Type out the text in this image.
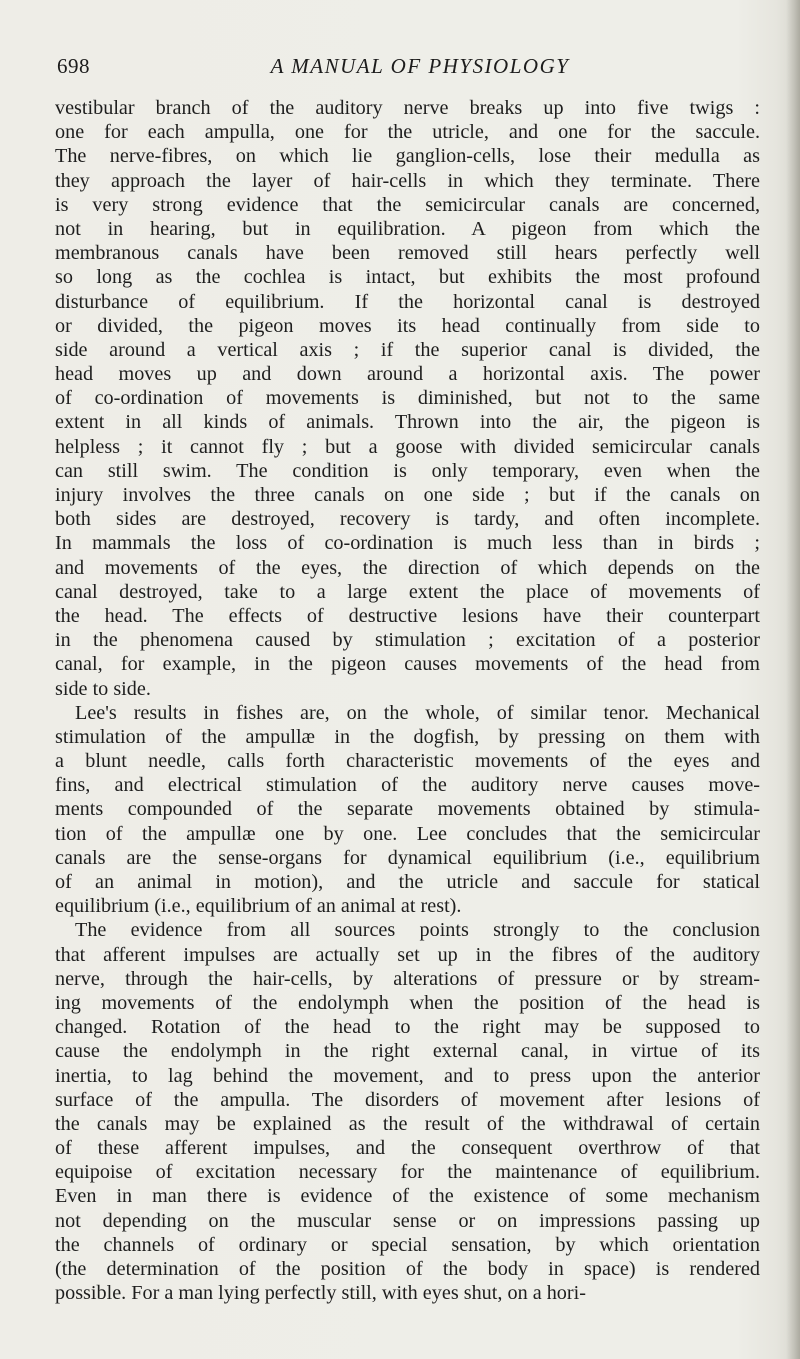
698	A MANUAL OF PHYSIOLOGY
vestibular branch of the auditory nerve breaks up into five twigs :
one for each ampulla, one for the utricle, and one for the saccule.
The nerve-fibres, on which lie ganglion-cells, lose their medulla as
they approach the layer of hair-cells in which they terminate. There
is very strong evidence that the semicircular canals are concerned,
not in hearing, but in equilibration. A pigeon from which the
membranous canals have been removed still hears perfectly well
so long as the cochlea is intact, but exhibits the most profound
disturbance of equilibrium. If the horizontal canal is destroyed
or divided, the pigeon moves its head continually from side to
side around a vertical axis ; if the superior canal is divided, the
head moves up and down around a horizontal axis. The power
of co-ordination of movements is diminished, but not to the same
extent in all kinds of animals. Thrown into the air, the pigeon is
helpless ; it cannot fly ; but a goose with divided semicircular canals
can still swim. The condition is only temporary, even when the
injury involves the three canals on one side ; but if the canals on
both sides are destroyed, recovery is tardy, and often incomplete.
In mammals the loss of co-ordination is much less than in birds ;
and movements of the eyes, the direction of which depends on the
canal destroyed, take to a large extent the place of movements of
the head. The effects of destructive lesions have their counterpart
in the phenomena caused by stimulation ; excitation of a posterior
canal, for example, in the pigeon causes movements of the head from
side to side.
Lee's results in fishes are, on the whole, of similar tenor. Mechanical
stimulation of the ampullæ in the dogfish, by pressing on them with
a blunt needle, calls forth characteristic movements of the eyes and
fins, and electrical stimulation of the auditory nerve causes move-
ments compounded of the separate movements obtained by stimula-
tion of the ampullæ one by one. Lee concludes that the semicircular
canals are the sense-organs for dynamical equilibrium (i.e., equilibrium
of an animal in motion), and the utricle and saccule for statical
equilibrium (i.e., equilibrium of an animal at rest).
The evidence from all sources points strongly to the conclusion
that afferent impulses are actually set up in the fibres of the auditory
nerve, through the hair-cells, by alterations of pressure or by stream-
ing movements of the endolymph when the position of the head is
changed. Rotation of the head to the right may be supposed to
cause the endolymph in the right external canal, in virtue of its
inertia, to lag behind the movement, and to press upon the anterior
surface of the ampulla. The disorders of movement after lesions of
the canals may be explained as the result of the withdrawal of certain
of these afferent impulses, and the consequent overthrow of that
equipoise of excitation necessary for the maintenance of equilibrium.
Even in man there is evidence of the existence of some mechanism
not depending on the muscular sense or on impressions passing up
the channels of ordinary or special sensation, by which orientation
(the determination of the position of the body in space) is rendered
possible. For a man lying perfectly still, with eyes shut, on a hori-
